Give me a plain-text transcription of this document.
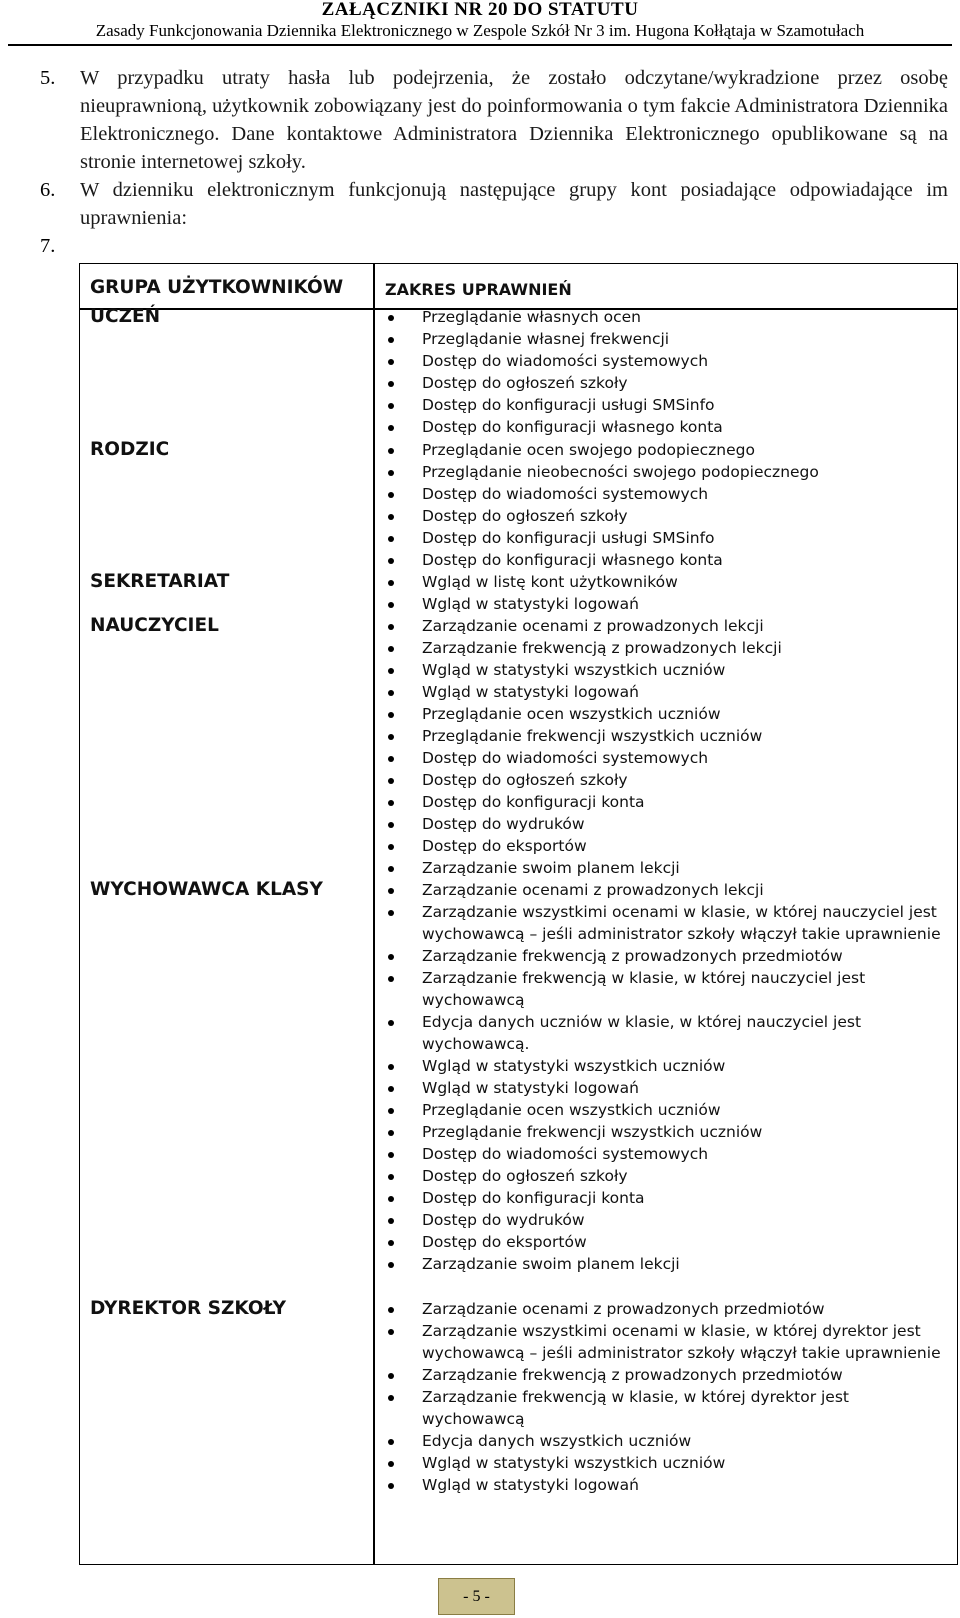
ZAŁĄCZNIKI NR 20 DO STATUTU
Zasady Funkcjonowania Dziennika Elektronicznego w Zespole Szkół Nr 3 im. Hugona Kołłątaja w Szamotułach
5.	W przypadku utraty hasła lub podejrzenia, że zostało odczytane/wykradzione przez osobę nieuprawnioną, użytkownik zobowiązany jest do poinformowania o tym fakcie Administratora Dziennika Elektronicznego. Dane kontaktowe Administratora Dziennika Elektronicznego opublikowane są na stronie internetowej szkoły.
6.	W dzienniku elektronicznym funkcjonują następujące grupy kont posiadające odpowiadające im uprawnienia:
7.
GRUPA UŻYTKOWNIKÓW	ZAKRES UPRAWNIEŃ
UCZEŃ	Przeglądanie własnych ocen
Przeglądanie własnej frekwencji
Dostęp do wiadomości systemowych
Dostęp do ogłoszeń szkoły
Dostęp do konfiguracji usługi SMSinfo
Dostęp do konfiguracji własnego konta
RODZIC	Przeglądanie ocen swojego podopiecznego
Przeglądanie nieobecności swojego podopiecznego
Dostęp do wiadomości systemowych
Dostęp do ogłoszeń szkoły
Dostęp do konfiguracji usługi SMSinfo
Dostęp do konfiguracji własnego konta
SEKRETARIAT	Wgląd w listę kont użytkowników
Wgląd w statystyki logowań
NAUCZYCIEL	Zarządzanie ocenami z prowadzonych lekcji
Zarządzanie frekwencją z prowadzonych lekcji
Wgląd w statystyki wszystkich uczniów
Wgląd w statystyki logowań
Przeglądanie ocen wszystkich uczniów
Przeglądanie frekwencji wszystkich uczniów
Dostęp do wiadomości systemowych
Dostęp do ogłoszeń szkoły
Dostęp do konfiguracji konta
Dostęp do wydruków
Dostęp do eksportów
Zarządzanie swoim planem lekcji
WYCHOWAWCA KLASY	Zarządzanie ocenami z prowadzonych lekcji
Zarządzanie wszystkimi ocenami w klasie, w której nauczyciel jest wychowawcą – jeśli administrator szkoły włączył takie uprawnienie
Zarządzanie frekwencją z prowadzonych przedmiotów
Zarządzanie frekwencją w klasie, w której nauczyciel jest wychowawcą
Edycja danych uczniów w klasie, w której nauczyciel jest wychowawcą.
Wgląd w statystyki wszystkich uczniów
Wgląd w statystyki logowań
Przeglądanie ocen wszystkich uczniów
Przeglądanie frekwencji wszystkich uczniów
Dostęp do wiadomości systemowych
Dostęp do ogłoszeń szkoły
Dostęp do konfiguracji konta
Dostęp do wydruków
Dostęp do eksportów
Zarządzanie swoim planem lekcji
DYREKTOR SZKOŁY	Zarządzanie ocenami z prowadzonych przedmiotów
Zarządzanie wszystkimi ocenami w klasie, w której dyrektor jest wychowawcą – jeśli administrator szkoły włączył takie uprawnienie
Zarządzanie frekwencją z prowadzonych przedmiotów
Zarządzanie frekwencją w klasie, w której dyrektor jest wychowawcą
Edycja danych wszystkich uczniów
Wgląd w statystyki wszystkich uczniów
Wgląd w statystyki logowań
- 5 -
